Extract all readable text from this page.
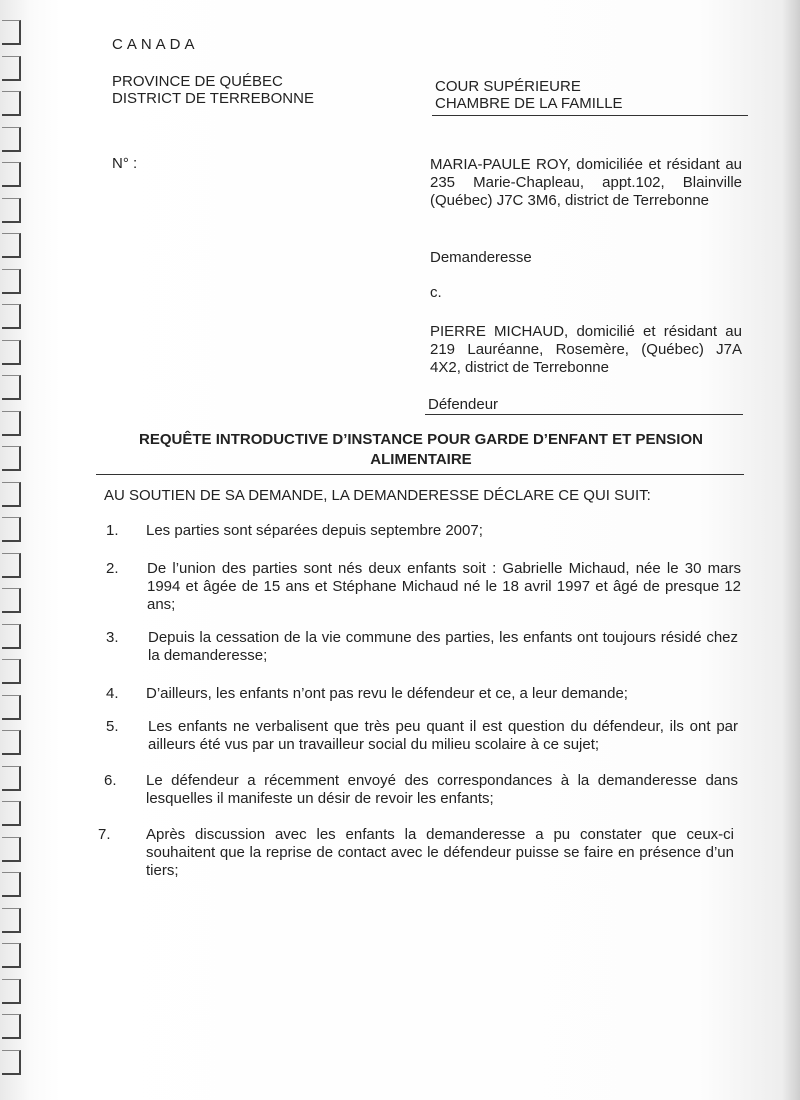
CANADA
PROVINCE DE QUÉBEC
DISTRICT DE TERREBONNE
COUR SUPÉRIEURE
CHAMBRE DE LA FAMILLE
N° :	MARIA-PAULE ROY, domiciliée et résidant au 235 Marie-Chapleau, appt.102, Blainville (Québec) J7C 3M6, district de Terrebonne
Demanderesse
c.
PIERRE MICHAUD, domicilié et résidant au 219 Lauréanne, Rosemère, (Québec) J7A 4X2, district de Terrebonne
Défendeur
REQUÊTE INTRODUCTIVE D’INSTANCE POUR GARDE D’ENFANT ET PENSION
ALIMENTAIRE
AU SOUTIEN DE SA DEMANDE, LA DEMANDERESSE DÉCLARE CE QUI SUIT:
1.	Les parties sont séparées depuis septembre 2007;
2.	De l’union des parties sont nés deux enfants soit : Gabrielle Michaud, née le 30 mars 1994 et âgée de 15 ans et Stéphane Michaud né le 18 avril 1997 et âgé de presque 12 ans;
3.	Depuis la cessation de la vie commune des parties, les enfants ont toujours résidé chez la demanderesse;
4.	D’ailleurs, les enfants n’ont pas revu le défendeur et ce, a leur demande;
5.	Les enfants ne verbalisent que très peu quant il est question du défendeur, ils ont par ailleurs été vus par un travailleur social du milieu scolaire à ce sujet;
6.	Le défendeur a récemment envoyé des correspondances à la demanderesse dans lesquelles il manifeste un désir de revoir les enfants;
7.	Après discussion avec les enfants la demanderesse a pu constater que ceux-ci souhaitent que la reprise de contact avec le défendeur puisse se faire en présence d’un tiers;
